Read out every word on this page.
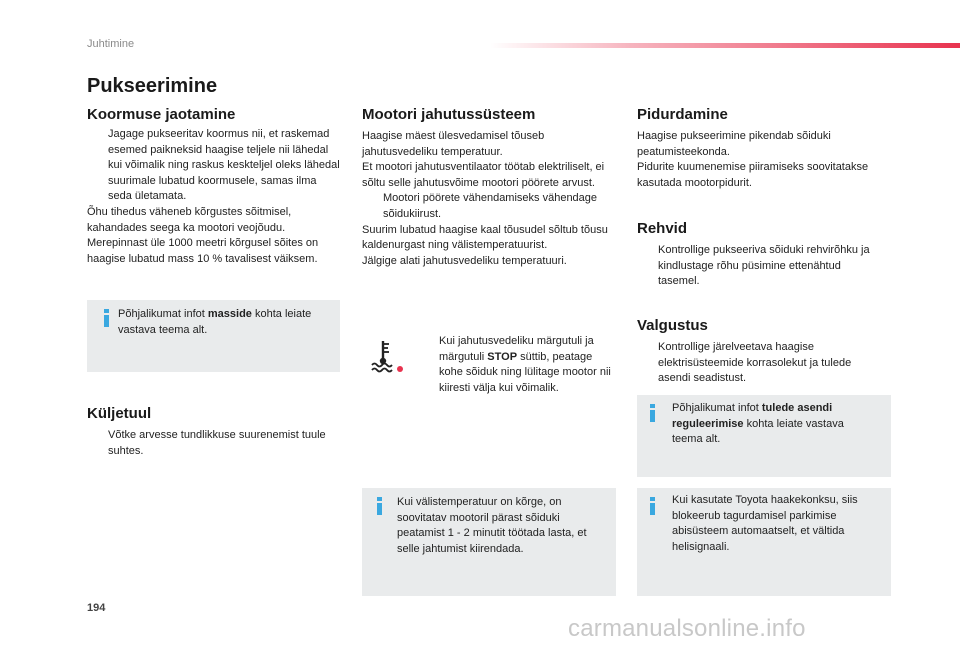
Juhtimine
Pukseerimine
Koormuse jaotamine
Jagage pukseeritav koormus nii, et raskemad esemed paikneksid haagise teljele nii lähedal kui võimalik ning raskus keskteljel oleks lähedal suurimale lubatud koormusele, samas ilma seda ületamata.

Õhu tihedus väheneb kõrgustes sõitmisel, kahandades seega ka mootori veojõudu. Merepinnast üle 1000 meetri kõrgusel sõites on haagise lubatud mass 10 % tavalisest väiksem.

Põhjalikumat infot masside kohta leiate vastava teema alt.
Küljetuul
Võtke arvesse tundlikkuse suurenemist tuule suhtes.
Mootori jahutussüsteem

Haagise mäest ülesvedamisel tõuseb jahutusvedeliku temperatuur.

Et mootori jahutusventilaator töötab elektriliselt, ei sõltu selle jahutusvõime mootori pöörete arvust.

Mootori pöörete vähendamiseks vähendage sõidukiirust.

Suurim lubatud haagise kaal tõusudel sõltub tõusu kaldenurgast ning välistemperatuurist.

Jälgige alati jahutusvedeliku temperatuuri.

Kui jahutusvedeliku märgutuli ja märgutuli STOP süttib, peatage kohe sõiduk ning lülitage mootor nii kiiresti välja kui võimalik.
Kui välistemperatuur on kõrge, on soovitatav mootoril pärast sõiduki peatamist 1 - 2 minutit töötada lasta, et selle jahtumist kiirendada.
Pidurdamine

Haagise pukseerimine pikendab sõiduki peatumisteekonda.

Pidurite kuumenemise piiramiseks soovitatakse kasutada mootorpidurit.

Rehvid
Kontrollige pukseeriva sõiduki rehvirõhku ja kindlustage rõhu püsimine ettenähtud tasemel.
Valgustus
Kontrollige järelveetava haagise elektrisüsteemide korrasolekut ja tulede asendi seadistust.
Põhjalikumat infot tulede asendi reguleerimise kohta leiate vastava teema alt.
Kui kasutate Toyota haakekonksu, siis blokeerub tagurdamisel parkimise abisüsteem automaatselt, et vältida helisignaali.
194
carmanualsonline.info
